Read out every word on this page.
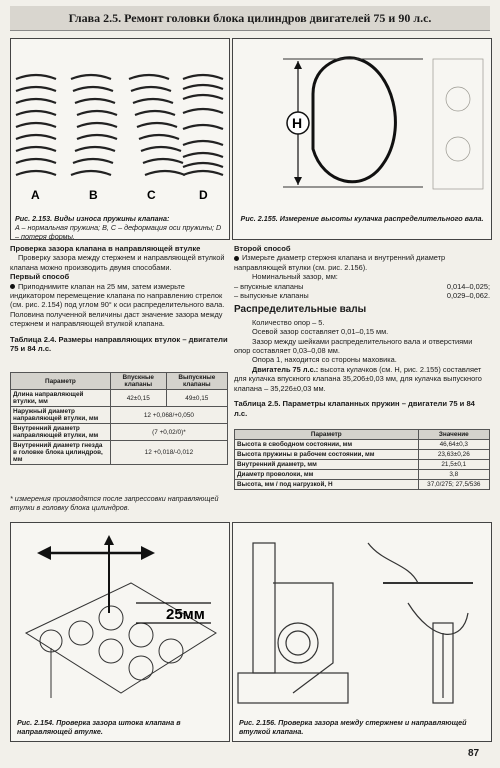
Глава 2.5. Ремонт головки блока цилиндров двигателей 75 и 90 л.с.
A	B	C	D
Рис. 2.153. Виды износа пружины клапана:
A – нормальная пружина; B, C – деформация оси пружины; D – потеря формы.
H
Рис. 2.155. Измерение высоты кулачка распределительного вала.
Проверка зазора клапана в направляющей втулке
Проверку зазора между стержнем и направляющей втулкой клапана можно производить двумя способами.
Первый способ
Приподнимите клапан на 25 мм, затем измерьте индикатором перемещение клапана по направлению стрелок (см. рис. 2.154) под углом 90° к оси распределительного вала. Половина полученной величины даст значение зазора между стержнем и направляющей втулкой клапана.
Таблица 2.4. Размеры направляющих втулок – двигатели 75 и 84 л.с.
Параметр	Впускные клапаны	Выпускные клапаны
Длина направляющей втулки, мм	42±0,15	49±0,15
Наружный диаметр направляющей втулки, мм	12 +0,068/+0,050	
Внутренний диаметр направляющей втулки, мм	(7 +0,02/0)*	
Внутренний диаметр гнезда в головке блока цилиндров, мм	12 +0,018/-0,012	
* измерения производятся после запрессовки направляющей втулки в головку блока цилиндров.
Второй способ
Измерьте диаметр стержня клапана и внутренний диаметр направляющей втулки (см. рис. 2.156).
Номинальный зазор, мм:
– впускные клапаны	0,014–0,025;
– выпускные клапаны	0,029–0,062.
Распределительные валы
Количество опор – 5.
Осевой зазор составляет 0,01–0,15 мм.
Зазор между шейками распределительного вала и отверстиями опор составляет 0,03–0,08 мм.
Опора 1, находится со стороны маховика.
Двигатель 75 л.с.: высота кулачков (см. H, рис. 2.155) составляет для кулачка впускного клапана 35,206±0,03 мм, для кулачка выпускного клапана – 35,226±0,03 мм.
Таблица 2.5. Параметры клапанных пружин – двигатели 75 и 84 л.с.
Параметр	Значение
Высота в свободном состоянии, мм	46,64±0,3
Высота пружины в рабочем состоянии, мм	23,63±0,26
Внутренний диаметр, мм	21,5±0,1
Диаметр проволоки, мм	3,8
Высота, мм / под нагрузкой, Н	37,0/275; 27,5/536
25мм
Рис. 2.154. Проверка зазора штока клапана в направляющей втулке.
Рис. 2.156. Проверка зазора между стержнем и направляющей втулкой клапана.
87
